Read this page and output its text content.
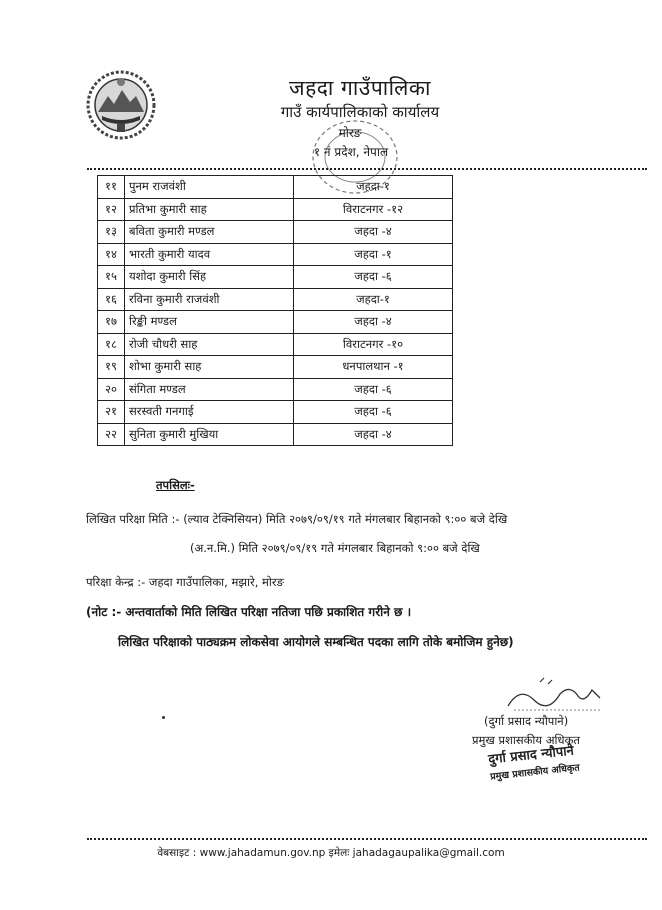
जहदा गाउँपालिका
गाउँ कार्यपालिकाको कार्यालय
मोरङ
१ नं प्रदेश, नेपाल
११	पुनम राजवंशी	जहदा-१
१२	प्रतिभा कुमारी साह	विराटनगर -१२
१३	बविता कुमारी मण्डल	जहदा -४
१४	भारती कुमारी यादव	जहदा -१
१५	यशोदा कुमारी सिंह	जहदा -६
१६	रविना कुमारी राजवंशी	जहदा-१
१७	रिङ्की मण्डल	जहदा -४
१८	रोजी चौधरी साह	विराटनगर -१०
१९	शोभा कुमारी साह	धनपालथान -१
२०	संगिता मण्डल	जहदा -६
२१	सरस्वती गनगाई	जहदा -६
२२	सुनिता कुमारी मुखिया	जहदा -४
तपसिलः-
लिखित परिक्षा मिति :- (ल्याव टेक्निसियन) मिति २०७९/०९/१९ गते मंगलबार बिहानको ९:०० बजे देखि
(अ.न.मि.) मिति २०७९/०९/१९ गते मंगलबार बिहानको ९:०० बजे देखि
परिक्षा केन्द्र :- जहदा गाउँपालिका, मझारे, मोरङ
(नोट :- अन्तवार्ताको मिति लिखित परिक्षा नतिजा पछि प्रकाशित गरीने छ ।
लिखित परिक्षाको पाठ्यक्रम लोकसेवा आयोगले सम्बन्धित पदका लागि तोके बमोजिम हुनेछ)
(दुर्गा प्रसाद न्यौपाने)
प्रमुख प्रशासकीय अधिकृत
दुर्गा प्रसाद न्यौपाने
प्रमुख प्रशासकीय अधिकृत
वेबसाइट : www.jahadamun.gov.np इमेलः jahadagaupalika@gmail.com
